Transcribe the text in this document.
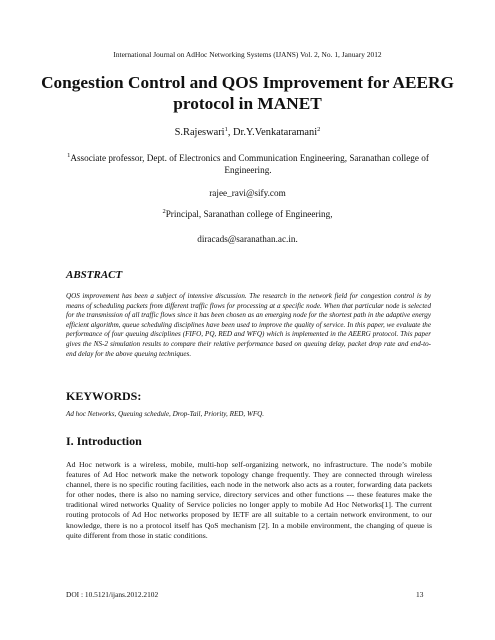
International Journal on AdHoc Networking Systems (IJANS) Vol. 2, No. 1, January 2012

Congestion Control and QOS Improvement for AEERG protocol in MANET

S.Rajeswari$^1$, Dr.Y.Venkataramani$^2$

$^1$Associate professor, Dept. of Electronics and Communication Engineering, Saranathan college of Engineering.

rajee_ravi@sify.com

$^2$Principal, Saranathan college of Engineering,

diracads@saranathan.ac.in.

ABSTRACT

QOS improvement has been a subject of intensive discussion. The research in the network field for congestion control is by means of scheduling packets from different traffic flows for processing at a specific node. When that particular node is selected for the transmission of all traffic flows since it has been chosen as an emerging node for the shortest path in the adaptive energy efficient algorithm, queue scheduling disciplines have been used to improve the quality of service. In this paper, we evaluate the performance of four queuing disciplines (FIFO, PQ, RED and WFQ) which is implemented in the AEERG protocol. This paper gives the NS-2 simulation results to compare their relative performance based on queuing delay, packet drop rate and end-to-end delay for the above queuing techniques.

KEYWORDS:

Ad hoc Networks, Queuing schedule, Drop-Tail, Priority, RED, WFQ.

I. Introduction

Ad Hoc network is a wireless, mobile, multi-hop self-organizing network, no infrastructure. The node’s mobile features of Ad Hoc network make the network topology change frequently. They are connected through wireless channel, there is no specific routing facilities, each node in the network also acts as a router, forwarding data packets for other nodes, there is also no naming service, directory services and other functions --- these features make the traditional wired networks Quality of Service policies no longer apply to mobile Ad Hoc Networks[1]. The current routing protocols of Ad Hoc networks proposed by IETF are all suitable to a certain network environment, to our knowledge, there is no a protocol itself has QoS mechanism [2]. In a mobile environment, the changing of queue is quite different from those in static conditions.

DOI : 10.5121/ijans.2012.2102	13
